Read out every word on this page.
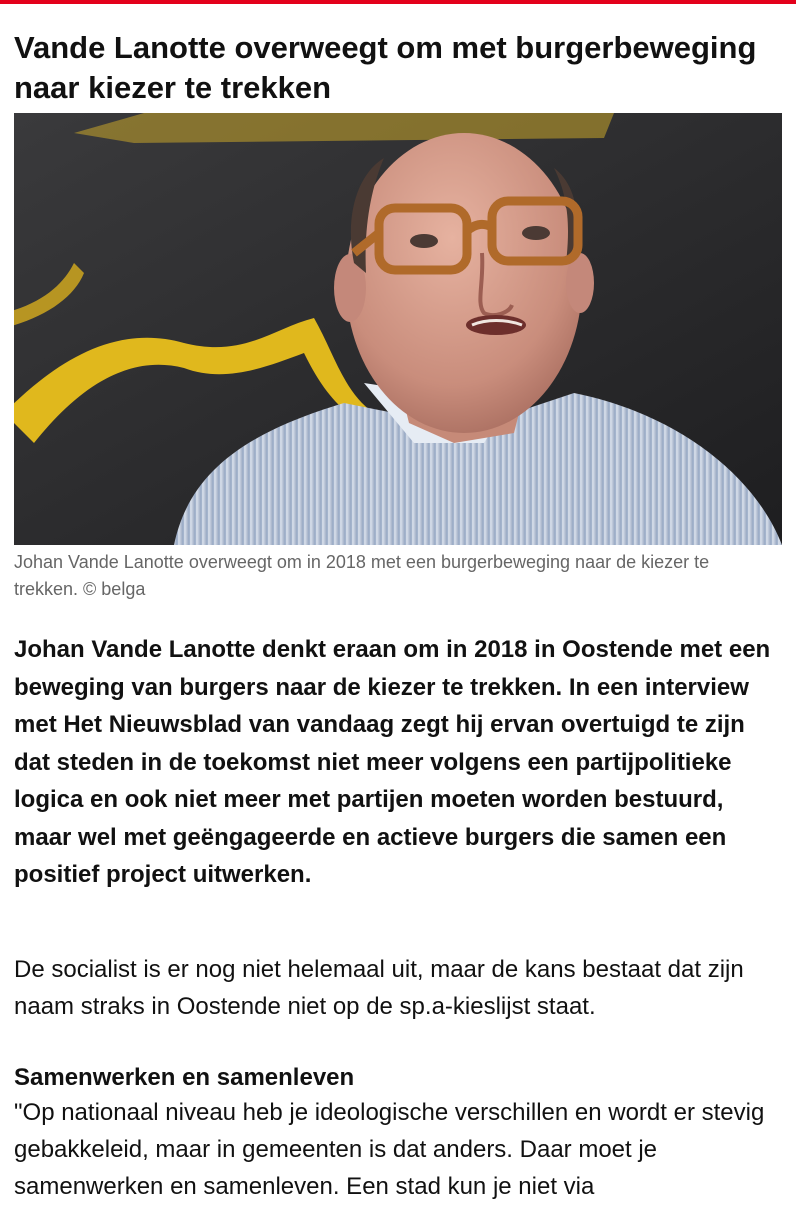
Vande Lanotte overweegt om met burgerbeweging naar kiezer te trekken
Johan Vande Lanotte overweegt om in 2018 met een burgerbeweging naar de kiezer te trekken. © belga

Johan Vande Lanotte denkt eraan om in 2018 in Oostende met een beweging van burgers naar de kiezer te trekken. In een interview met Het Nieuwsblad van vandaag zegt hij ervan overtuigd te zijn dat steden in de toekomst niet meer volgens een partijpolitieke logica en ook niet meer met partijen moeten worden bestuurd, maar wel met geëngageerde en actieve burgers die samen een positief project uitwerken.

De socialist is er nog niet helemaal uit, maar de kans bestaat dat zijn naam straks in Oostende niet op de sp.a-kieslijst staat.

Samenwerken en samenleven

"Op nationaal niveau heb je ideologische verschillen en wordt er stevig gebakkeleid, maar in gemeenten is dat anders. Daar moet je samenwerken en samenleven. Een stad kun je niet via
